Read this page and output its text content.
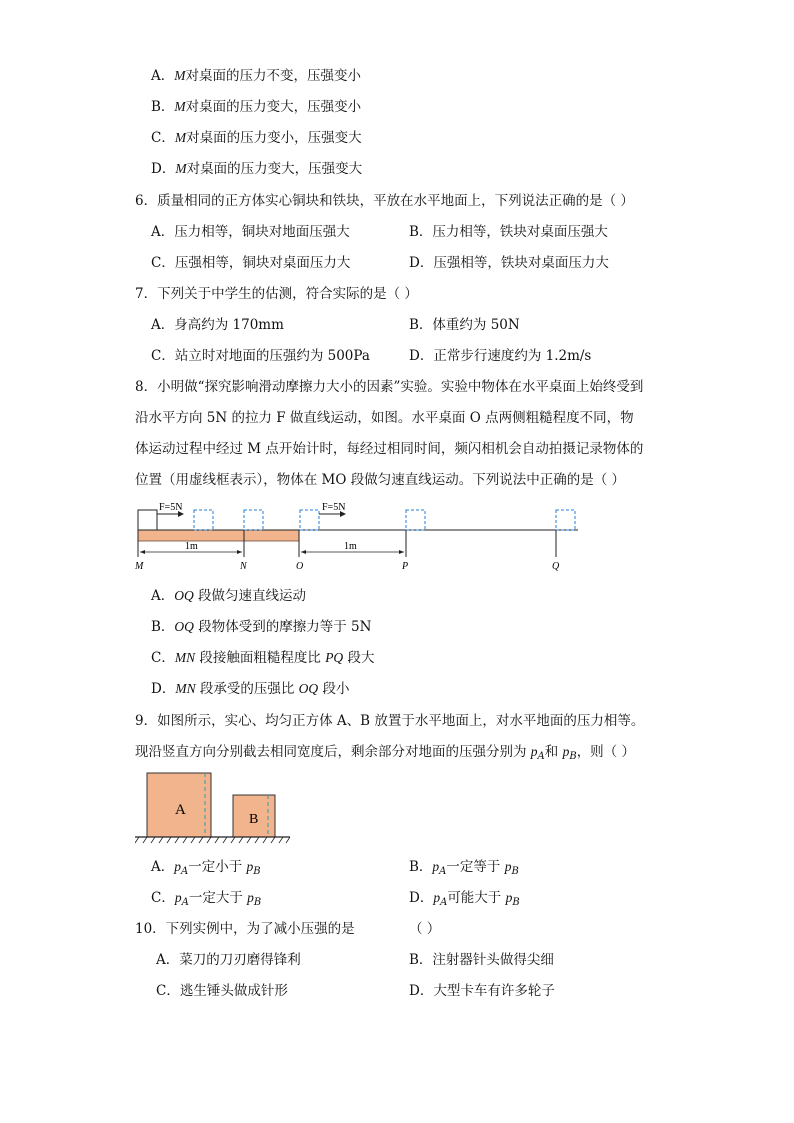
A．M对桌面的压力不变，压强变小
B．M对桌面的压力变大，压强变小
C．M对桌面的压力变小，压强变大
D．M对桌面的压力变大，压强变大
6．质量相同的正方体实心铜块和铁块，平放在水平地面上，下列说法正确的是（ ）
A．压力相等，铜块对地面压强大	B．压力相等，铁块对桌面压强大
C．压强相等，铜块对桌面压力大	D．压强相等，铁块对桌面压力大
7．下列关于中学生的估测，符合实际的是（ ）
A．身高约为 170mm	B．体重约为 50N
C．站立时对地面的压强约为 500Pa	D．正常步行速度约为 1.2m/s
8．小明做“探究影响滑动摩擦力大小的因素”实验。实验中物体在水平桌面上始终受到
沿水平方向 5N 的拉力 F 做直线运动，如图。水平桌面 O 点两侧粗糙程度不同，物
体运动过程中经过 M 点开始计时，每经过相同时间，频闪相机会自动拍摄记录物体的
位置（用虚线框表示），物体在 MO 段做匀速直线运动。下列说法中正确的是（ ）
F=5N	F=5N
1m	1m
M	N	O	P	Q
A．OQ 段做匀速直线运动
B．OQ 段物体受到的摩擦力等于 5N
C．MN 段接触面粗糙程度比 PQ 段大
D．MN 段承受的压强比 OQ 段小
9．如图所示，实心、均匀正方体 A、B 放置于水平地面上，对水平地面的压力相等。
现沿竖直方向分别截去相同宽度后，剩余部分对地面的压强分别为 $p_A$和 $p_B$，则（ ）
A
B
A．$p_A$一定小于 $p_B$	B．$p_A$一定等于 $p_B$
C．$p_A$一定大于 $p_B$	D．$p_A$可能大于 $p_B$
10．下列实例中，为了减小压强的是	（ ）
A．菜刀的刀刃磨得锋利	B．注射器针头做得尖细
C．逃生锤头做成针形	D．大型卡车有许多轮子
